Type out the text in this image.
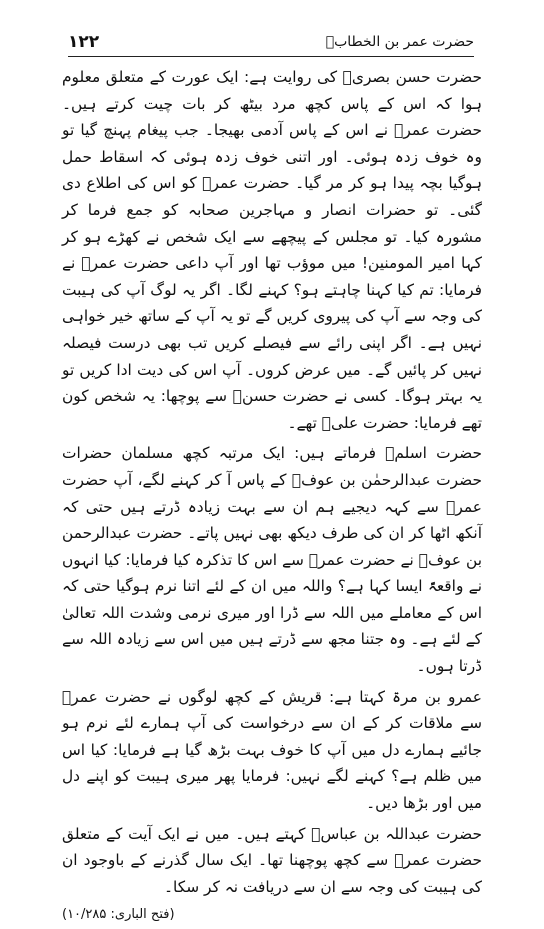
حضرت عمر بن الخطابؓ
۱۲۲

حضرت حسن بصریؒ کی روایت ہے: ایک عورت کے متعلق معلوم ہوا کہ اس کے پاس کچھ مرد بیٹھ کر بات چیت کرتے ہیں۔ حضرت عمرؓ نے اس کے پاس آدمی بھیجا۔ جب پیغام پہنچ گیا تو وہ خوف زدہ ہوئی۔ اور اتنی خوف زدہ ہوئی کہ اسقاط حمل ہوگیا بچہ پیدا ہو کر مر گیا۔ حضرت عمرؓ کو اس کی اطلاع دی گئی۔ تو حضرات انصار و مہاجرین صحابہ کو جمع فرما کر مشورہ کیا۔ تو مجلس کے پیچھے سے ایک شخص نے کھڑے ہو کر کہا امیر المومنین! میں موؤب تھا اور آپ داعی حضرت عمرؓ نے فرمایا: تم کیا کہنا چاہتے ہو؟ کہنے لگا۔ اگر یہ لوگ آپ کی ہیبت کی وجہ سے آپ کی پیروی کریں گے تو یہ آپ کے ساتھ خیر خواہی نہیں ہے۔ اگر اپنی رائے سے فیصلے کریں تب بھی درست فیصلہ نہیں کر پائیں گے۔ میں عرض کروں۔ آپ اس کی دیت ادا کریں تو یہ بہتر ہوگا۔ کسی نے حضرت حسنؒ سے پوچھا: یہ شخص کون تھے فرمایا: حضرت علیؓ تھے۔

حضرت اسلمؒ فرماتے ہیں: ایک مرتبہ کچھ مسلمان حضرات حضرت عبدالرحمٰن بن عوفؓ کے پاس آ کر کہنے لگے، آپ حضرت عمرؓ سے کہہ دیجیے ہم ان سے بہت زیادہ ڈرتے ہیں حتی کہ آنکھ اٹھا کر ان کی طرف دیکھ بھی نہیں پاتے۔ حضرت عبدالرحمن بن عوفؓ نے حضرت عمرؓ سے اس کا تذکرہ کیا فرمایا: کیا انہوں نے واقعۃً ایسا کہا ہے؟ واللہ میں ان کے لئے اتنا نرم ہوگیا حتی کہ اس کے معاملے میں اللہ سے ڈرا اور میری نرمی وشدت اللہ تعالیٰ کے لئے ہے۔ وہ جتنا مجھ سے ڈرتے ہیں میں اس سے زیادہ اللہ سے ڈرتا ہوں۔

عمرو بن مرۃ کہتا ہے: قریش کے کچھ لوگوں نے حضرت عمرؓ سے ملاقات کر کے ان سے درخواست کی آپ ہمارے لئے نرم ہو جائیے ہمارے دل میں آپ کا خوف بہت بڑھ گیا ہے فرمایا: کیا اس میں ظلم ہے؟ کہنے لگے نہیں: فرمایا پھر میری ہیبت کو اپنے دل میں اور بڑھا دیں۔

حضرت عبداللہ بن عباسؓ کہتے ہیں۔ میں نے ایک آیت کے متعلق حضرت عمرؓ سے کچھ پوچھنا تھا۔ ایک سال گذرنے کے باوجود ان کی ہیبت کی وجہ سے ان سے دریافت نہ کر سکا۔
(فتح الباری: ۱۰/۲۸۵)
